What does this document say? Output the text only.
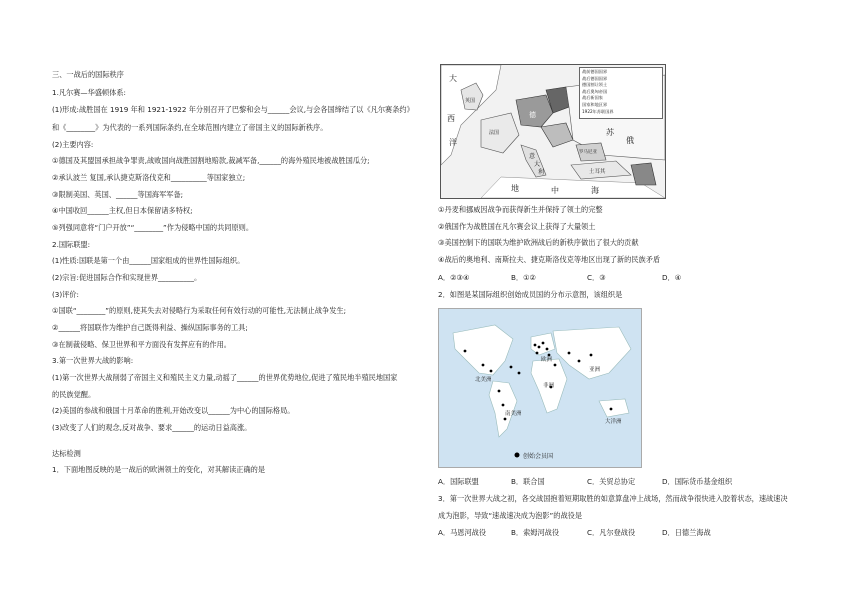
三、一战后的国际秩序
1.凡尔赛—华盛顿体系:
(1)形成:战胜国在 1919 年和 1921-1922 年分别召开了巴黎和会与______会议,与会各国缔结了以《凡尔赛条约》
和《________》为代表的一系列国际条约,在全球范围内建立了帝国主义的国际新秩序。
(2)主要内容:
①德国及其盟国承担战争罪责,战败国向战胜国割地赔款,裁减军备,______的海外殖民地被战胜国瓜分;
②承认波兰 复国,承认捷克斯洛伐克和__________等国家独立;
③限制美国、英国、______等国海军军备;
④中国收回______主权,但日本保留诸多特权;
⑤列强同意将“门户开放”“________”作为侵略中国的共同原则。
2.国际联盟:
(1)性质:国联是第一个由______国家组成的世界性国际组织。
(2)宗旨:促进国际合作和实现世界__________。
(3)评价:
①国联“________”的原则,使其失去对侵略行为采取任何有效行动的可能性,无法制止战争发生;
②______将国联作为维护自己既得利益、操纵国际事务的工具;
③在制裁侵略、保卫世界和平方面没有发挥应有的作用。
3.第一次世界大战的影响:
(1)第一次世界大战削弱了帝国主义和殖民主义力量,动摇了______的世界优势地位,促进了殖民地半殖民地国家
的民族觉醒。
(2)美国的参战和俄国十月革命的胜利,开始改变以______为中心的国际格局。
(3)改变了人们的观念,反对战争、要求______的运动日益高涨。
达标检测
1．下面地图反映的是一战后的欧洲领土的变化，对其解读正确的是
战前德国国界
战后德国国界
德国割让领土
战后奥匈帝国
战后新国家
国家和地区界
1922年苏联国界
大
西
洋
英国
法国
德
苏
俄
意
大
利	土耳其
罗马尼亚
地	中	海
①丹麦和挪威因战争而获得新生并保持了领土的完整
②俄国作为战胜国在凡尔赛会议上获得了大量领土
③美国控制下的国联为维护欧洲战后的新秩序做出了很大的贡献
④战后的奥地利、南斯拉夫、捷克斯洛伐克等地区出现了新的民族矛盾
A．②③④	B．①②	C．③	D．④
2．如图是某国际组织创始成员国的分布示意图，该组织是
北美洲
南美洲
欧洲
非洲
亚洲
大洋洲
创始会员国
A．国际联盟	B．联合国	C．关贸总协定	D．国际货币基金组织
3．第一次世界大战之初，各交战国抱着短期取胜的如意算盘冲上战场，然而战争很快进入胶着状态，速战速决
成为泡影，导致“速战速决成为泡影”的战役是
A．马恩河战役	B．索姆河战役	C．凡尔登战役	D．日德兰海战
